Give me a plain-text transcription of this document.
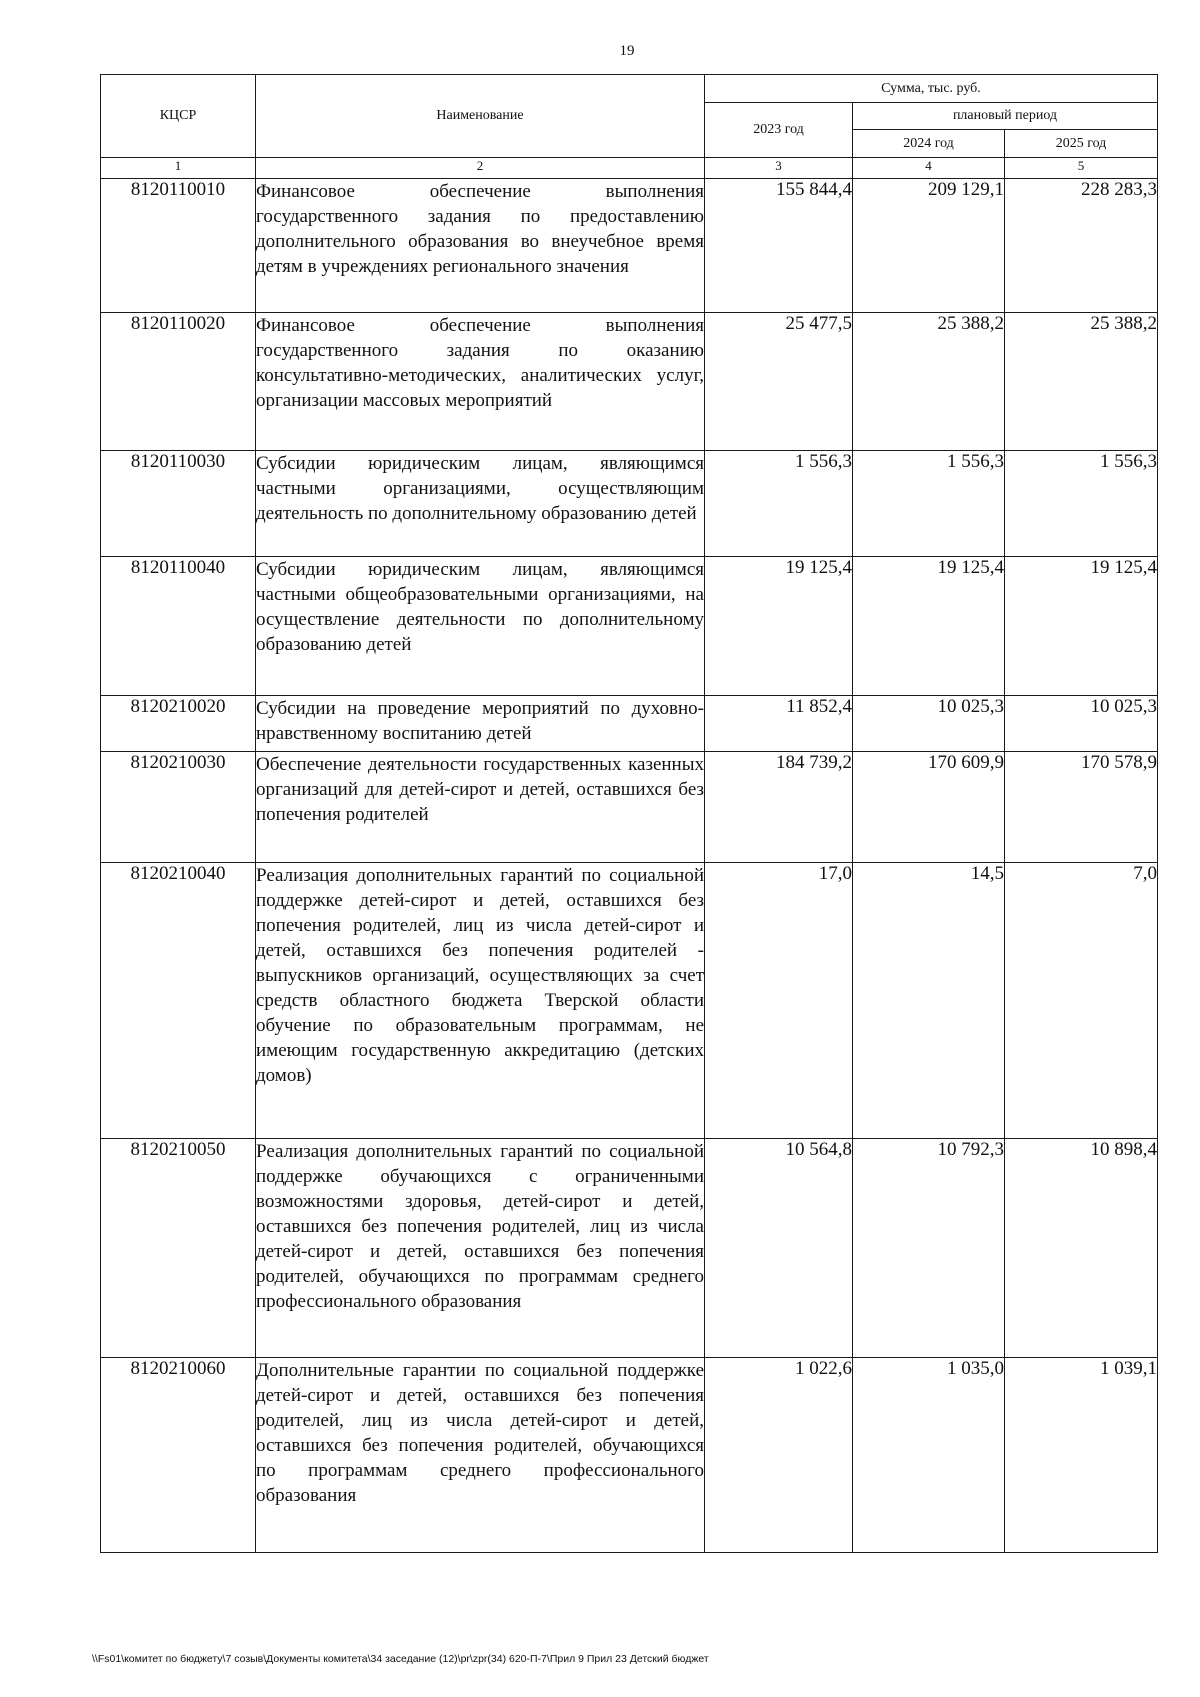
19
КЦСР	Наименование	Сумма, тыс. руб.		
		2023 год	плановый период	
			2024 год	2025 год
1	2	3	4	5
8120110010	Финансовое обеспечение выполнения государственного задания по предоставлению дополнительного образования во внеучебное время детям в учреждениях регионального значения	155 844,4	209 129,1	228 283,3
8120110020	Финансовое обеспечение выполнения государственного задания по оказанию консультативно-методических, аналитических услуг, организации массовых мероприятий	25 477,5	25 388,2	25 388,2
8120110030	Субсидии юридическим лицам, являющимся частными организациями, осуществляющим деятельность по дополнительному образованию детей	1 556,3	1 556,3	1 556,3
8120110040	Субсидии юридическим лицам, являющимся частными общеобразовательными организациями, на осуществление деятельности по дополнительному образованию детей	19 125,4	19 125,4	19 125,4
8120210020	Субсидии на проведение мероприятий по духовно-нравственному воспитанию детей	11 852,4	10 025,3	10 025,3
8120210030	Обеспечение деятельности государственных казенных организаций для детей-сирот и детей, оставшихся без попечения родителей	184 739,2	170 609,9	170 578,9
8120210040	Реализация дополнительных гарантий по социальной поддержке детей-сирот и детей, оставшихся без попечения родителей, лиц из числа детей-сирот и детей, оставшихся без попечения родителей - выпускников организаций, осуществляющих за счет средств областного бюджета Тверской области обучение по образовательным программам, не имеющим государственную аккредитацию (детских домов)	17,0	14,5	7,0
8120210050	Реализация дополнительных гарантий по социальной поддержке обучающихся с ограниченными возможностями здоровья, детей-сирот и детей, оставшихся без попечения родителей, лиц из числа детей-сирот и детей, оставшихся без попечения родителей, обучающихся по программам среднего профессионального образования	10 564,8	10 792,3	10 898,4
8120210060	Дополнительные гарантии по социальной поддержке детей-сирот и детей, оставшихся без попечения родителей, лиц из числа детей-сирот и детей, оставшихся без попечения родителей, обучающихся по программам среднего профессионального образования	1 022,6	1 035,0	1 039,1
\\Fs01\комитет по бюджету\7 созыв\Документы комитета\34 заседание (12)\pr\zpr(34) 620-П-7\Прил 9 Прил 23 Детский бюджет
